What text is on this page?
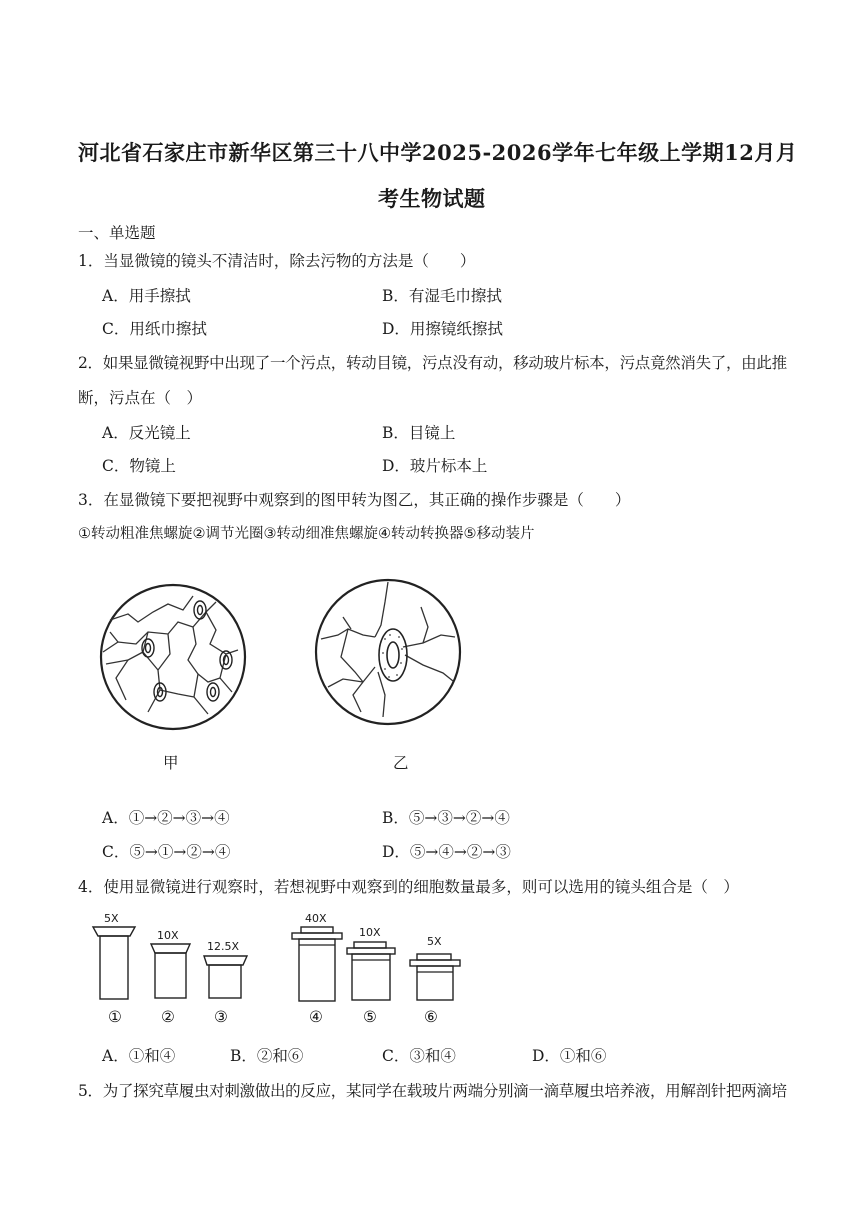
河北省石家庄市新华区第三十八中学2025-2026学年七年级上学期12月月
考生物试题
一、单选题
1．当显微镜的镜头不清洁时，除去污物的方法是（　　）
A．用手擦拭	B．有湿毛巾擦拭
C．用纸巾擦拭	D．用擦镜纸擦拭
2．如果显微镜视野中出现了一个污点，转动目镜，污点没有动，移动玻片标本，污点竟然消失了，由此推
断，污点在（　）
A．反光镜上	B．目镜上
C．物镜上	D．玻片标本上
3．在显微镜下要把视野中观察到的图甲转为图乙，其正确的操作步骤是（　　）
①转动粗准焦螺旋②调节光圈③转动细准焦螺旋④转动转换器⑤移动装片
甲	乙
A．①→②→③→④	B．⑤→③→②→④
C．⑤→①→②→④	D．⑤→④→②→③
4．使用显微镜进行观察时，若想视野中观察到的细胞数量最多，则可以选用的镜头组合是（　）
5X
10X
12.5X
40X
10X
5X
①	②	③	④	⑤	⑥
A．①和④	B．②和⑥	C．③和④	D．①和⑥
5．为了探究草履虫对刺激做出的反应，某同学在载玻片两端分别滴一滴草履虫培养液，用解剖针把两滴培
